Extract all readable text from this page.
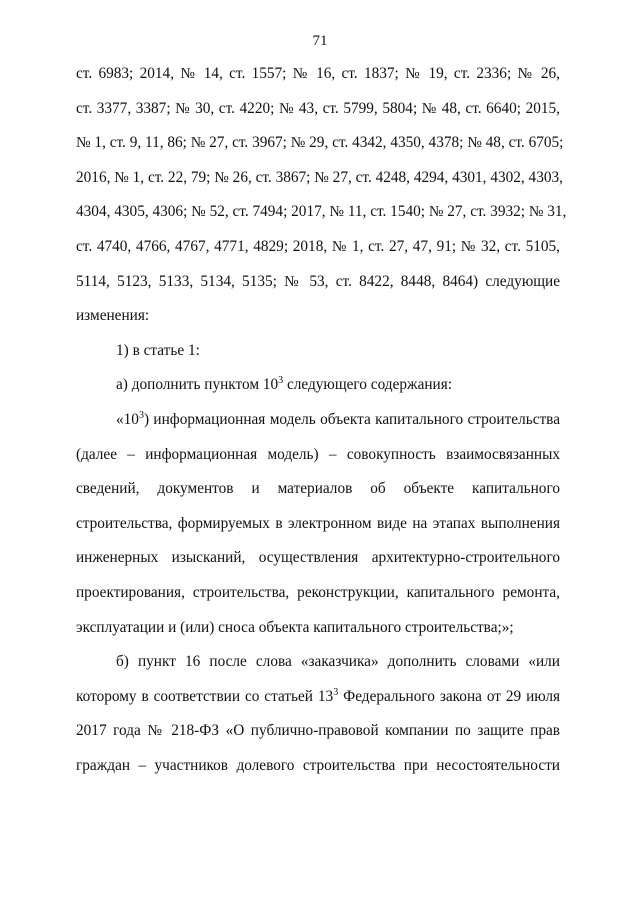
71
ст. 6983; 2014, № 14, ст. 1557; № 16, ст. 1837; № 19, ст. 2336; № 26,
ст. 3377, 3387; № 30, ст. 4220; № 43, ст. 5799, 5804; № 48, ст. 6640; 2015,
№ 1, ст. 9, 11, 86; № 27, ст. 3967; № 29, ст. 4342, 4350, 4378; № 48, ст. 6705;
2016, № 1, ст. 22, 79; № 26, ст. 3867; № 27, ст. 4248, 4294, 4301, 4302, 4303,
4304, 4305, 4306; № 52, ст. 7494; 2017, № 11, ст. 1540; № 27, ст. 3932; № 31,
ст. 4740, 4766, 4767, 4771, 4829; 2018, № 1, ст. 27, 47, 91; № 32, ст. 5105,
5114, 5123, 5133, 5134, 5135; № 53, ст. 8422, 8448, 8464) следующие
изменения:
1) в статье 1:
а) дополнить пунктом $10^3$ следующего содержания:
«$10^3$) информационная модель объекта капитального строительства
(далее – информационная модель) – совокупность взаимосвязанных
сведений, документов и материалов об объекте капитального
строительства, формируемых в электронном виде на этапах выполнения
инженерных изысканий, осуществления архитектурно-строительного
проектирования, строительства, реконструкции, капитального ремонта,
эксплуатации и (или) сноса объекта капитального строительства;»;
б) пункт 16 после слова «заказчика» дополнить словами «или
которому в соответствии со статьей $13^3$ Федерального закона от 29 июля
2017 года № 218-ФЗ «О публично-правовой компании по защите прав
граждан – участников долевого строительства при несостоятельности
